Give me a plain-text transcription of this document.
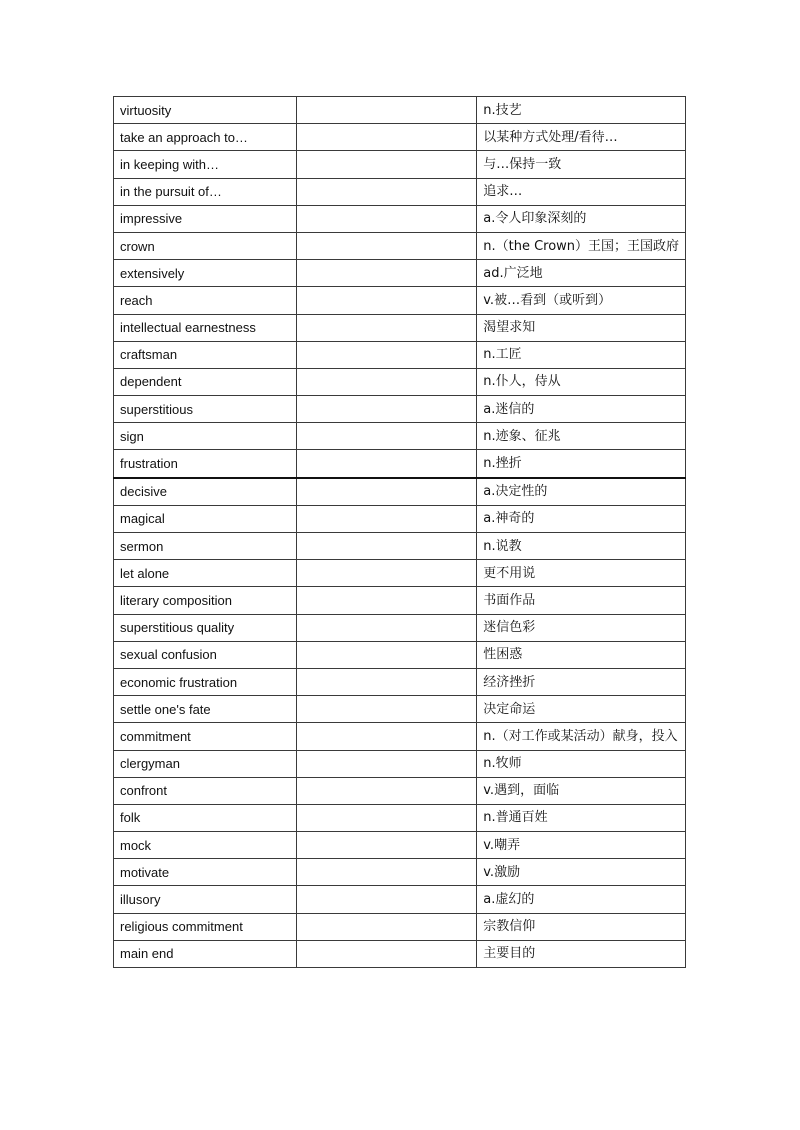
virtuosity		n.技艺
take an approach to…		以某种方式处理/看待…
in keeping with…		与…保持一致
in the pursuit of…		追求…
impressive		a.令人印象深刻的
crown		n.（the Crown）王国；王国政府
extensively		ad.广泛地
reach		v.被…看到（或听到）
intellectual earnestness		渴望求知
craftsman		n.工匠
dependent		n.仆人，侍从
superstitious		a.迷信的
sign		n.迹象、征兆
frustration		n.挫折
decisive		a.决定性的
magical		a.神奇的
sermon		n.说教
let alone		更不用说
literary composition		书面作品
superstitious quality		迷信色彩
sexual confusion		性困惑
economic frustration		经济挫折
settle one's fate		决定命运
commitment		n.（对工作或某活动）献身，投入
clergyman		n.牧师
confront		v.遇到，面临
folk		n.普通百姓
mock		v.嘲弄
motivate		v.激励
illusory		a.虚幻的
religious commitment		宗教信仰
main end		主要目的
